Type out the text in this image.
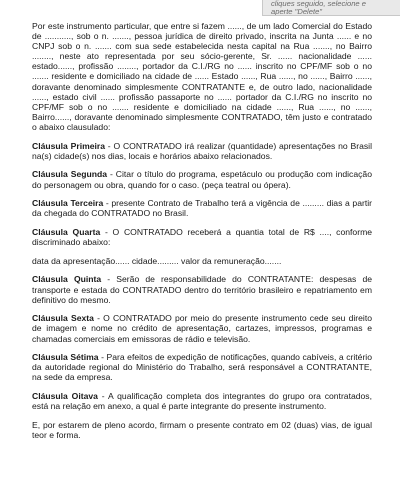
cliques seguido, selecione e
aperte "Delete"

Por este instrumento particular, que entre si fazem ......, de um lado Comercial do Estado de ..........., sob o n. ......., pessoa jurídica de direito privado, inscrita na Junta ...... e no CNPJ sob o n. ....... com sua sede estabelecida nesta capital na Rua ......., no Bairro ........, neste ato representada por seu sócio-gerente, Sr. ...... nacionalidade ...... estado......, profissão ........, portador da C.I./RG no ...... inscrito no CPF/MF sob o no ....... residente e domiciliado na cidade de ...... Estado ......, Rua ......, no ......, Bairro ......, doravante denominado simplesmente CONTRATANTE e, de outro lado, nacionalidade ......, estado civil ...... profissão passaporte no ...... portador da C.I./RG no inscrito no CPF/MF sob o no ....... residente e domiciliado na cidade ......, Rua ......, no ......, Bairro......, doravante denominado simplesmente CONTRATADO, têm justo e contratado o abaixo clausulado:

Cláusula Primeira - O CONTRATADO irá realizar (quantidade) apresentações no Brasil na(s) cidade(s) nos dias, locais e horários abaixo relacionados.

Cláusula Segunda - Citar o título do programa, espetáculo ou produção com indicação do personagem ou obra, quando for o caso. (peça teatral ou ópera).

Cláusula Terceira - presente Contrato de Trabalho terá a vigência de ......... dias a partir da chegada do CONTRATADO no Brasil.

Cláusula Quarta - O CONTRATADO receberá a quantia total de R$ ...., conforme discriminado abaixo:

data da apresentação...... cidade......... valor da remuneração.......

Cláusula Quinta - Serão de responsabilidade do CONTRATANTE: despesas de transporte e estada do CONTRATADO dentro do território brasileiro e repatriamento em definitivo do mesmo.

Cláusula Sexta - O CONTRATADO por meio do presente instrumento cede seu direito de imagem e nome no crédito de apresentação, cartazes, impressos, programas e chamadas comerciais em emissoras de rádio e televisão.

Cláusula Sétima - Para efeitos de expedição de notificações, quando cabíveis, a critério da autoridade regional do Ministério do Trabalho, será responsável a CONTRATANTE, na sede da empresa.

Cláusula Oitava - A qualificação completa dos integrantes do grupo ora contratados, está na relação em anexo, a qual é parte integrante do presente instrumento.

E, por estarem de pleno acordo, firmam o presente contrato em 02 (duas) vias, de igual teor e forma.
